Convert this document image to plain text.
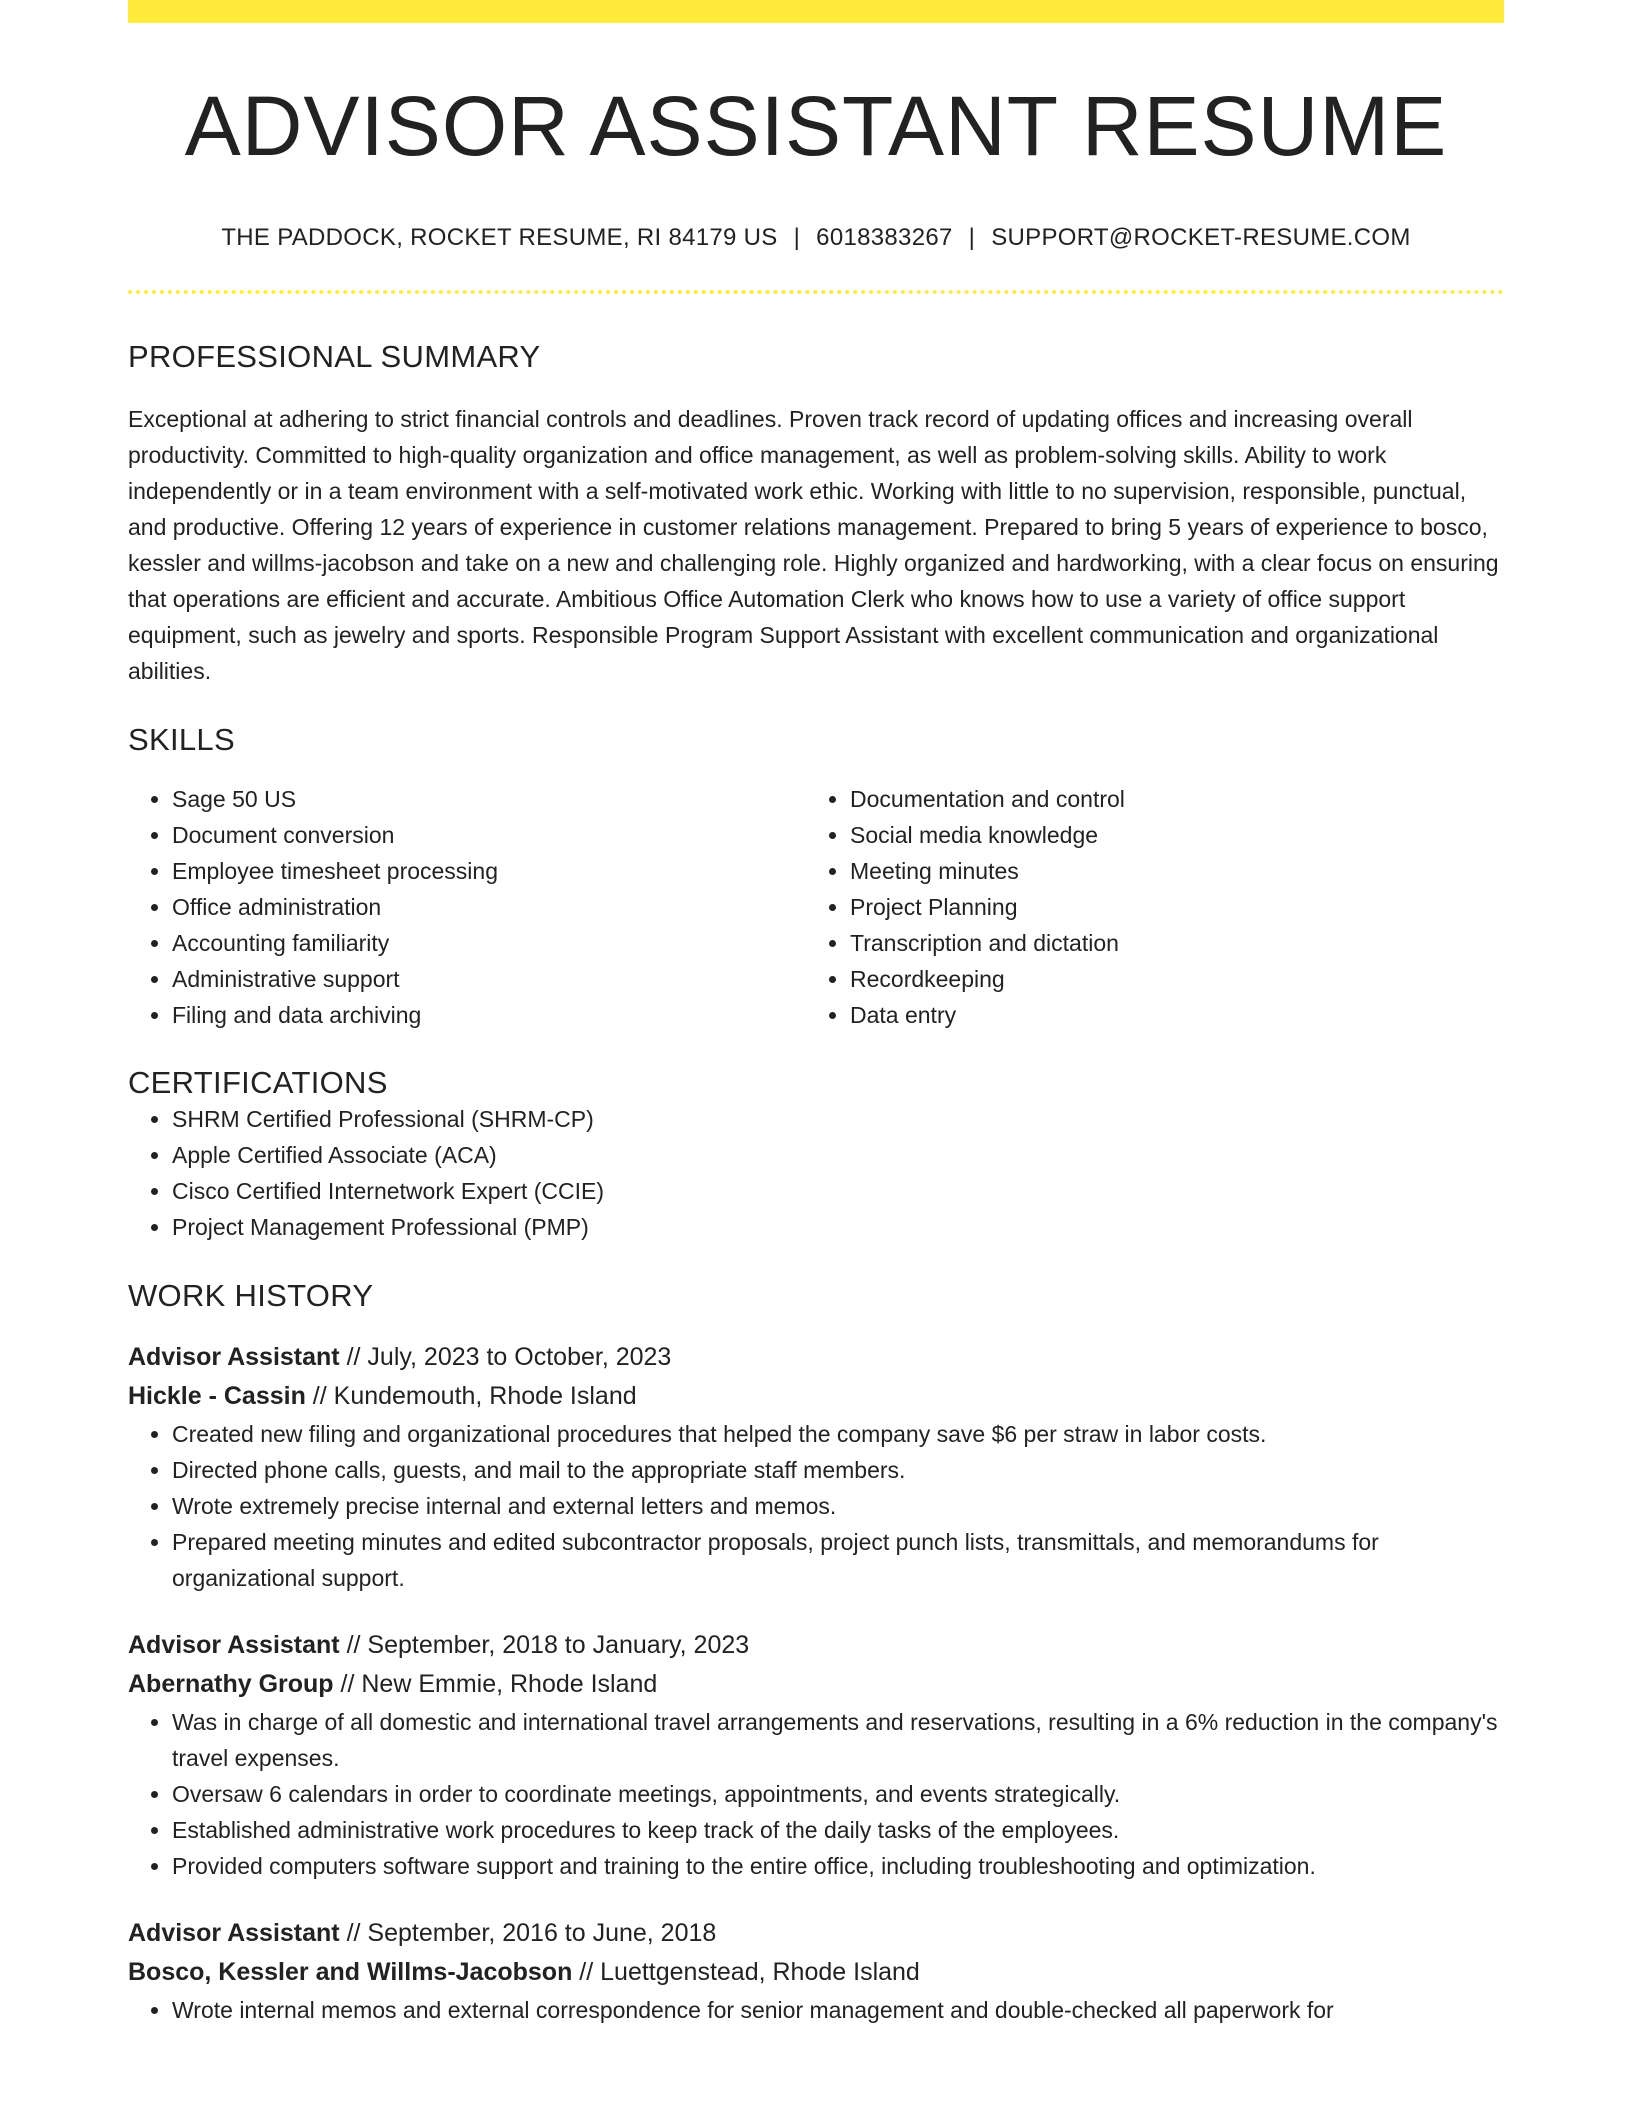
ADVISOR ASSISTANT RESUME
THE PADDOCK, ROCKET RESUME, RI 84179 US | 6018383267 | SUPPORT@ROCKET-RESUME.COM
PROFESSIONAL SUMMARY
Exceptional at adhering to strict financial controls and deadlines. Proven track record of updating offices and increasing overall productivity. Committed to high-quality organization and office management, as well as problem-solving skills. Ability to work independently or in a team environment with a self-motivated work ethic. Working with little to no supervision, responsible, punctual, and productive. Offering 12 years of experience in customer relations management. Prepared to bring 5 years of experience to bosco, kessler and willms-jacobson and take on a new and challenging role. Highly organized and hardworking, with a clear focus on ensuring that operations are efficient and accurate. Ambitious Office Automation Clerk who knows how to use a variety of office support equipment, such as jewelry and sports. Responsible Program Support Assistant with excellent communication and organizational abilities.
SKILLS
• Sage 50 US
• Document conversion
• Employee timesheet processing
• Office administration
• Accounting familiarity
• Administrative support
• Filing and data archiving
• Documentation and control
• Social media knowledge
• Meeting minutes
• Project Planning
• Transcription and dictation
• Recordkeeping
• Data entry
CERTIFICATIONS
• SHRM Certified Professional (SHRM-CP)
• Apple Certified Associate (ACA)
• Cisco Certified Internetwork Expert (CCIE)
• Project Management Professional (PMP)
WORK HISTORY
Advisor Assistant // July, 2023 to October, 2023
Hickle - Cassin // Kundemouth, Rhode Island
• Created new filing and organizational procedures that helped the company save $6 per straw in labor costs.
• Directed phone calls, guests, and mail to the appropriate staff members.
• Wrote extremely precise internal and external letters and memos.
• Prepared meeting minutes and edited subcontractor proposals, project punch lists, transmittals, and memorandums for organizational support.
Advisor Assistant // September, 2018 to January, 2023
Abernathy Group // New Emmie, Rhode Island
• Was in charge of all domestic and international travel arrangements and reservations, resulting in a 6% reduction in the company's travel expenses.
• Oversaw 6 calendars in order to coordinate meetings, appointments, and events strategically.
• Established administrative work procedures to keep track of the daily tasks of the employees.
• Provided computers software support and training to the entire office, including troubleshooting and optimization.
Advisor Assistant // September, 2016 to June, 2018
Bosco, Kessler and Willms-Jacobson // Luettgenstead, Rhode Island
• Wrote internal memos and external correspondence for senior management and double-checked all paperwork for
